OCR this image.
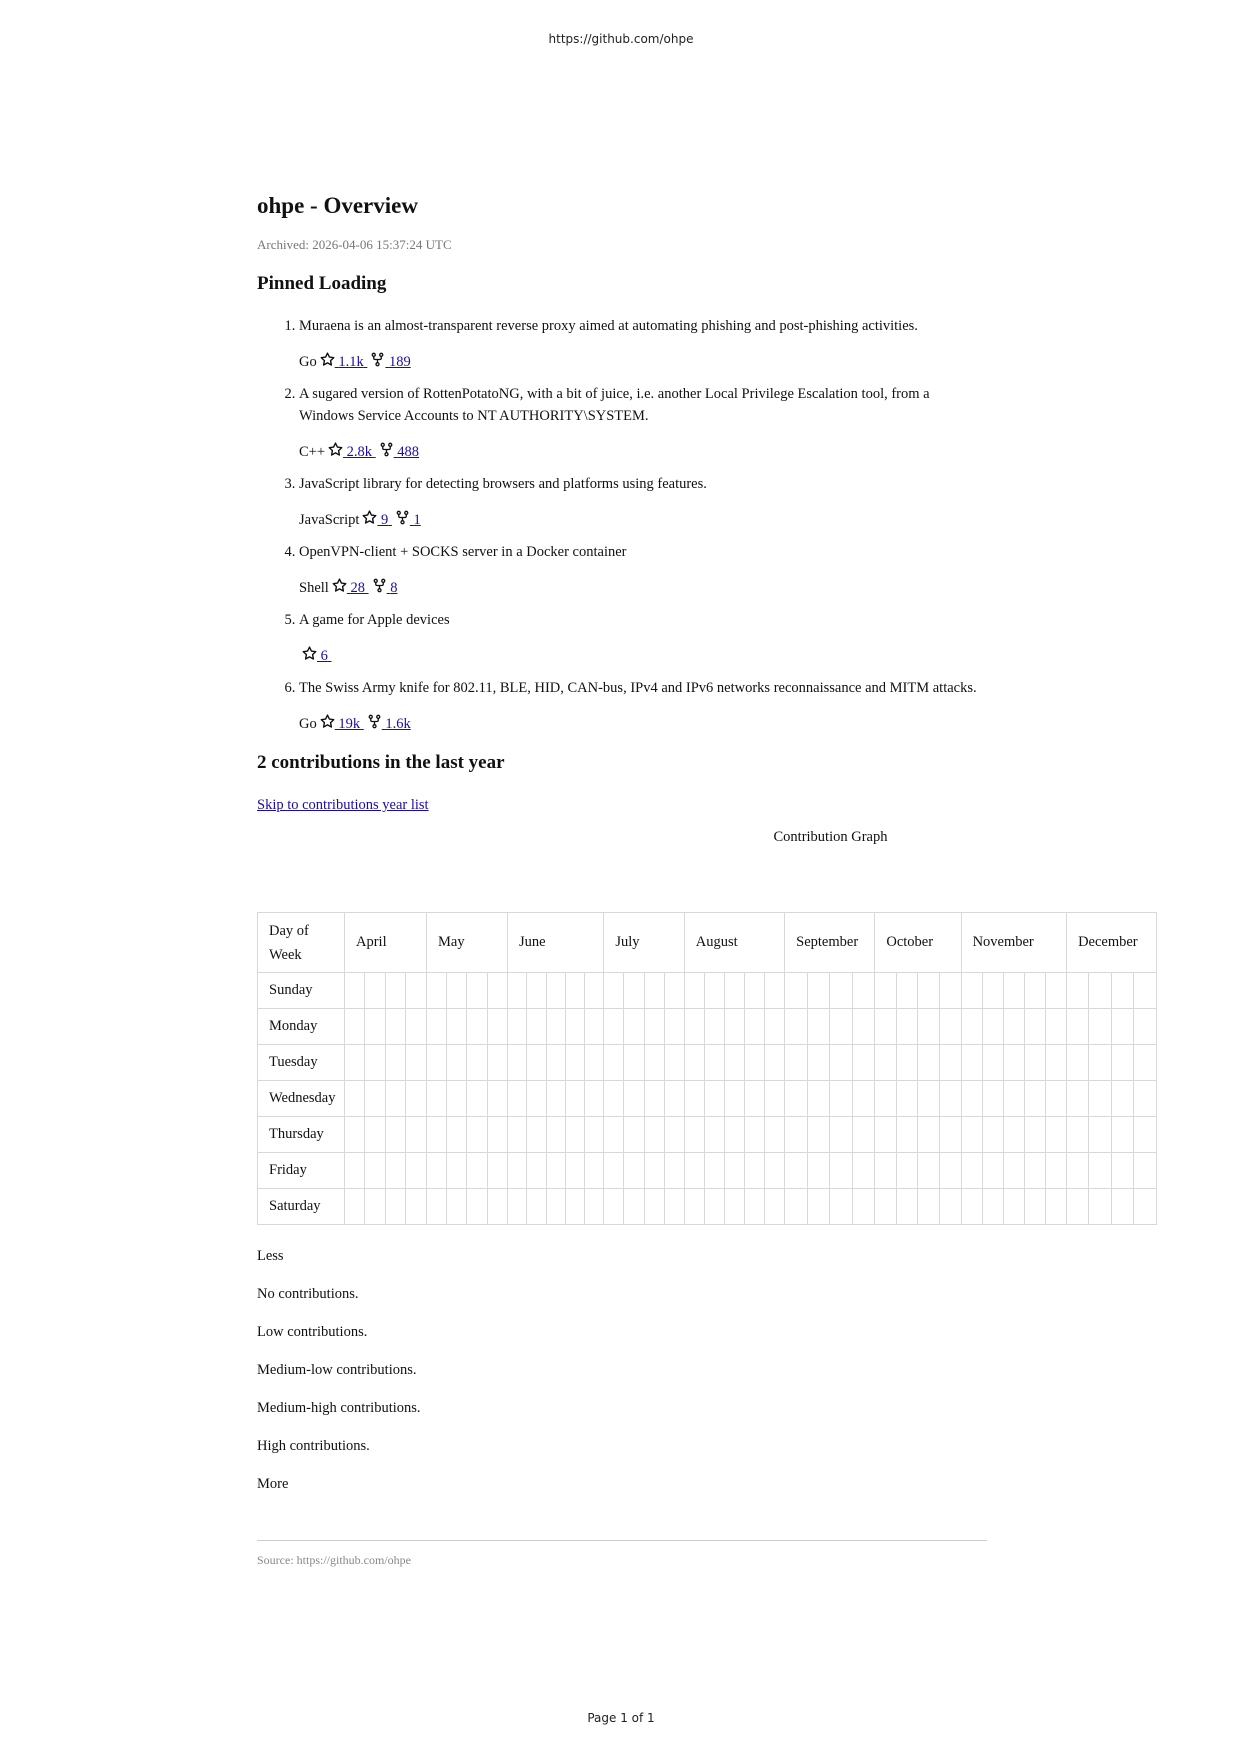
https://github.com/ohpe
ohpe - Overview
Archived: 2026-04-06 15:37:24 UTC
Pinned Loading
1. Muraena is an almost-transparent reverse proxy aimed at automating phishing and post-phishing activities.
Go 1.1k 189
2. A sugared version of RottenPotatoNG, with a bit of juice, i.e. another Local Privilege Escalation tool, from a Windows Service Accounts to NT AUTHORITY\SYSTEM.
C++ 2.8k 488
3. JavaScript library for detecting browsers and platforms using features.
JavaScript 9 1
4. OpenVPN-client + SOCKS server in a Docker container
Shell 28 8
5. A game for Apple devices
6
6. The Swiss Army knife for 802.11, BLE, HID, CAN-bus, IPv4 and IPv6 networks reconnaissance and MITM attacks.
Go 19k 1.6k
2 contributions in the last year
Skip to contributions year list
Contribution Graph
Day of Week	April				May				June					July				August					September				October				November					December			
Sunday																																							
Monday																																							
Tuesday																																							
Wednesday																																							
Thursday																																							
Friday																																							
Saturday																																							

Less

No contributions.

Low contributions.

Medium-low contributions.

Medium-high contributions.

High contributions.

More

Source: https://github.com/ohpe
Page 1 of 1
